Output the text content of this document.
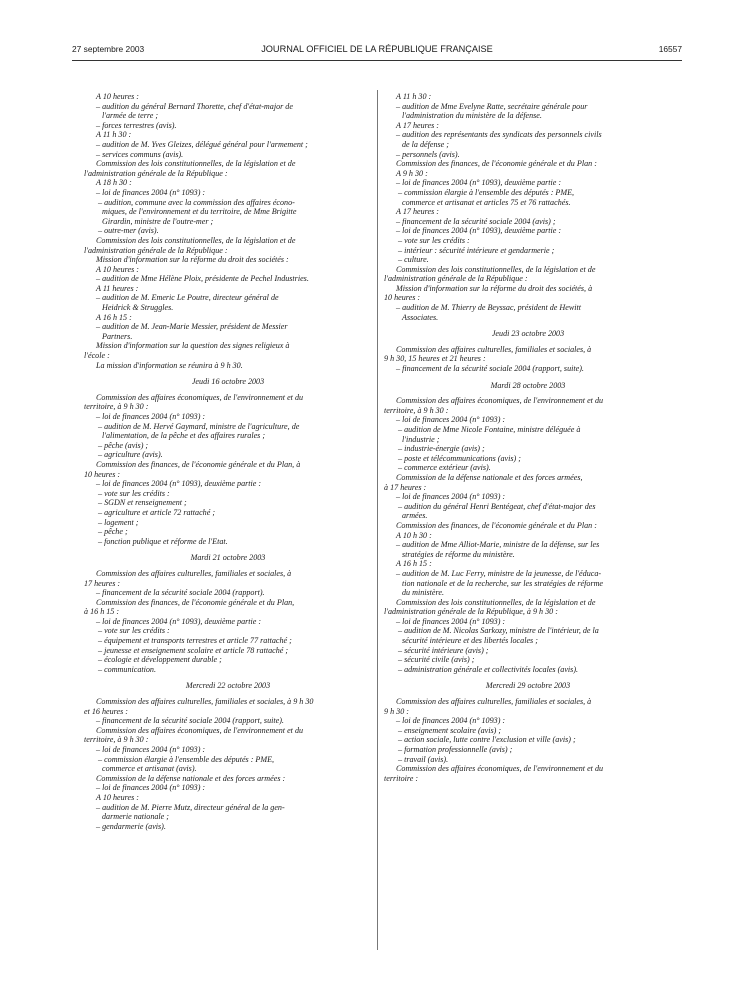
27 septembre 2003	JOURNAL OFFICIEL DE LA RÉPUBLIQUE FRANÇAISE	16557

A 10 heures :

– audition du général Bernard Thorette, chef d'état-major de

l'armée de terre ;

– forces terrestres (avis).

A 11 h 30 :

– audition de M. Yves Gleizes, délégué général pour l'armement ;

– services communs (avis).

Commission des lois constitutionnelles, de la législation et de

l'administration générale de la République :

A 18 h 30 :

– loi de finances 2004 (n° 1093) :

– audition, commune avec la commission des affaires écono-

miques, de l'environnement et du territoire, de Mme Brigitte

Girardin, ministre de l'outre-mer ;

– outre-mer (avis).

Commission des lois constitutionnelles, de la législation et de

l'administration générale de la République :

Mission d'information sur la réforme du droit des sociétés :

A 10 heures :

– audition de Mme Hélène Ploix, présidente de Pechel Industries.

A 11 heures :

– audition de M. Emeric Le Poutre, directeur général de

Heidrick & Struggles.

A 16 h 15 :

– audition de M. Jean-Marie Messier, président de Messier

Partners.

Mission d'information sur la question des signes religieux à

l'école :

La mission d'information se réunira à 9 h 30.

Jeudi 16 octobre 2003

Commission des affaires économiques, de l'environnement et du

territoire, à 9 h 30 :

– loi de finances 2004 (n° 1093) :

– audition de M. Hervé Gaymard, ministre de l'agriculture, de

l'alimentation, de la pêche et des affaires rurales ;

– pêche (avis) ;

– agriculture (avis).

Commission des finances, de l'économie générale et du Plan, à

10 heures :

– loi de finances 2004 (n° 1093), deuxième partie :

– vote sur les crédits :

– SGDN et renseignement ;

– agriculture et article 72 rattaché ;

– logement ;

– pêche ;

– fonction publique et réforme de l'Etat.

Mardi 21 octobre 2003

Commission des affaires culturelles, familiales et sociales, à

17 heures :

– financement de la sécurité sociale 2004 (rapport).

Commission des finances, de l'économie générale et du Plan,

à 16 h 15 :

– loi de finances 2004 (n° 1093), deuxième partie :

– vote sur les crédits :

– équipement et transports terrestres et article 77 rattaché ;

– jeunesse et enseignement scolaire et article 78 rattaché ;

– écologie et développement durable ;

– communication.

Mercredi 22 octobre 2003

Commission des affaires culturelles, familiales et sociales, à 9 h 30

et 16 heures :

– financement de la sécurité sociale 2004 (rapport, suite).

Commission des affaires économiques, de l'environnement et du

territoire, à 9 h 30 :

– loi de finances 2004 (n° 1093) :

– commission élargie à l'ensemble des députés : PME,

commerce et artisanat (avis).

Commission de la défense nationale et des forces armées :

– loi de finances 2004 (n° 1093) :

A 10 heures :

– audition de M. Pierre Mutz, directeur général de la gen-

darmerie nationale ;

– gendarmerie (avis).

A 11 h 30 :

– audition de Mme Evelyne Ratte, secrétaire générale pour

l'administration du ministère de la défense.

A 17 heures :

– audition des représentants des syndicats des personnels civils

de la défense ;

– personnels (avis).

Commission des finances, de l'économie générale et du Plan :

A 9 h 30 :

– loi de finances 2004 (n° 1093), deuxième partie :

– commission élargie à l'ensemble des députés : PME,

commerce et artisanat et articles 75 et 76 rattachés.

A 17 heures :

– financement de la sécurité sociale 2004 (avis) ;

– loi de finances 2004 (n° 1093), deuxième partie :

– vote sur les crédits :

– intérieur : sécurité intérieure et gendarmerie ;

– culture.

Commission des lois constitutionnelles, de la législation et de

l'administration générale de la République :

Mission d'information sur la réforme du droit des sociétés, à

10 heures :

– audition de M. Thierry de Beyssac, président de Hewitt

Associates.

Jeudi 23 octobre 2003

Commission des affaires culturelles, familiales et sociales, à

9 h 30, 15 heures et 21 heures :

– financement de la sécurité sociale 2004 (rapport, suite).

Mardi 28 octobre 2003

Commission des affaires économiques, de l'environnement et du

territoire, à 9 h 30 :

– loi de finances 2004 (n° 1093) :

– audition de Mme Nicole Fontaine, ministre déléguée à

l'industrie ;

– industrie-énergie (avis) ;

– poste et télécommunications (avis) ;

– commerce extérieur (avis).

Commission de la défense nationale et des forces armées,

à 17 heures :

– loi de finances 2004 (n° 1093) :

– audition du général Henri Bentégeat, chef d'état-major des

armées.

Commission des finances, de l'économie générale et du Plan :

A 10 h 30 :

– audition de Mme Alliot-Marie, ministre de la défense, sur les

stratégies de réforme du ministère.

A 16 h 15 :

– audition de M. Luc Ferry, ministre de la jeunesse, de l'éduca-

tion nationale et de la recherche, sur les stratégies de réforme

du ministère.

Commission des lois constitutionnelles, de la législation et de

l'administration générale de la République, à 9 h 30 :

– loi de finances 2004 (n° 1093) :

– audition de M. Nicolas Sarkozy, ministre de l'intérieur, de la

sécurité intérieure et des libertés locales ;

– sécurité intérieure (avis) ;

– sécurité civile (avis) ;

– administration générale et collectivités locales (avis).

Mercredi 29 octobre 2003

Commission des affaires culturelles, familiales et sociales, à

9 h 30 :

– loi de finances 2004 (n° 1093) :

– enseignement scolaire (avis) ;

– action sociale, lutte contre l'exclusion et ville (avis) ;

– formation professionnelle (avis) ;

– travail (avis).

Commission des affaires économiques, de l'environnement et du

territoire :
